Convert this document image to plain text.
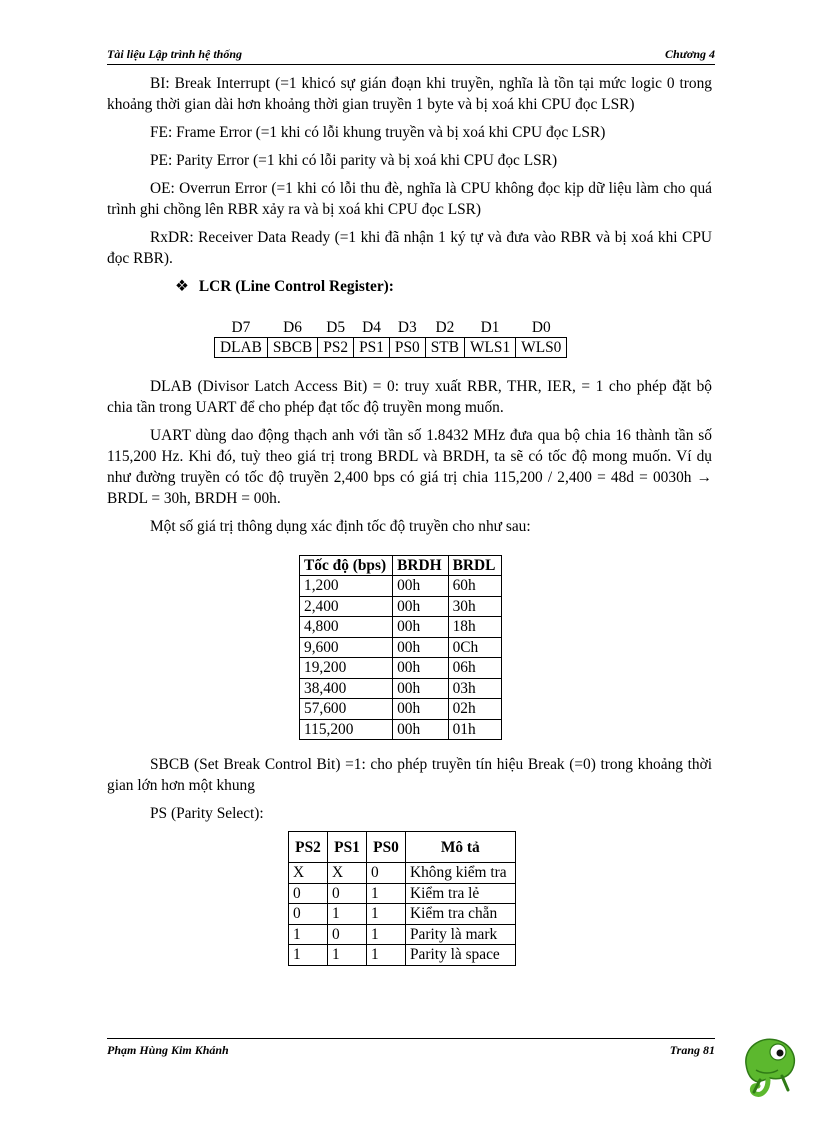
Tài liệu Lập trình hệ thống	Chương 4

BI: Break Interrupt (=1 khicó sự gián đoạn khi truyền, nghĩa là tồn tại mức logic 0 trong khoảng thời gian dài hơn khoảng thời gian truyền 1 byte và bị xoá khi CPU đọc LSR)

FE: Frame Error (=1 khi có lỗi khung truyền và bị xoá khi CPU đọc LSR)

PE: Parity Error (=1 khi có lỗi parity và bị xoá khi CPU đọc LSR)

OE: Overrun Error (=1 khi có lỗi thu đè, nghĩa là CPU không đọc kịp dữ liệu làm cho quá trình ghi chồng lên RBR xảy ra và bị xoá khi CPU đọc LSR)

RxDR: Receiver Data Ready (=1 khi đã nhận 1 ký tự và đưa vào RBR và bị xoá khi CPU đọc RBR).

❖ LCR (Line Control Register):
D7	D6	D5	D4	D3	D2	D1	D0
DLAB	SBCB	PS2	PS1	PS0	STB	WLS1	WLS0

DLAB (Divisor Latch Access Bit) = 0: truy xuất RBR, THR, IER, = 1 cho phép đặt bộ chia tần trong UART để cho phép đạt tốc độ truyền mong muốn.

UART dùng dao động thạch anh với tần số 1.8432 MHz đưa qua bộ chia 16 thành tần số 115,200 Hz. Khi đó, tuỳ theo giá trị trong BRDL và BRDH, ta sẽ có tốc độ mong muốn. Ví dụ như đường truyền có tốc độ truyền 2,400 bps có giá trị chia 115,200 / 2,400 = 48d = 0030h → BRDL = 30h, BRDH = 00h.

Một số giá trị thông dụng xác định tốc độ truyền cho như sau:

Tốc độ (bps)	BRDH	BRDL
1,200	00h	60h
2,400	00h	30h
4,800	00h	18h
9,600	00h	0Ch
19,200	00h	06h
38,400	00h	03h
57,600	00h	02h
115,200	00h	01h

SBCB (Set Break Control Bit) =1: cho phép truyền tín hiệu Break (=0) trong khoảng thời gian lớn hơn một khung

PS (Parity Select):

PS2	PS1	PS0	Mô tả
X	X	0	Không kiểm tra
0	0	1	Kiểm tra lẻ
0	1	1	Kiểm tra chẵn
1	0	1	Parity là mark
1	1	1	Parity là space
Phạm Hùng Kim Khánh	Trang 81
